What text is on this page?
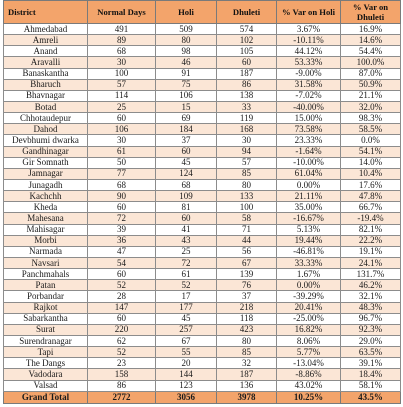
District	Normal Days	Holi	Dhuleti	% Var on Holi	% Var on Dhuleti
Ahmedabad	491	509	574	3.67%	16.9%
Amreli	89	80	102	-10.11%	14.6%
Anand	68	98	105	44.12%	54.4%
Aravalli	30	46	60	53.33%	100.0%
Banaskantha	100	91	187	-9.00%	87.0%
Bharuch	57	75	86	31.58%	50.9%
Bhavnagar	114	106	138	-7.02%	21.1%
Botad	25	15	33	-40.00%	32.0%
Chhotaudepur	60	69	119	15.00%	98.3%
Dahod	106	184	168	73.58%	58.5%
Devbhumi dwarka	30	37	30	23.33%	0.0%
Gandhinagar	61	60	94	-1.64%	54.1%
Gir Somnath	50	45	57	-10.00%	14.0%
Jamnagar	77	124	85	61.04%	10.4%
Junagadh	68	68	80	0.00%	17.6%
Kachchh	90	109	133	21.11%	47.8%
Kheda	60	81	100	35.00%	66.7%
Mahesana	72	60	58	-16.67%	-19.4%
Mahisagar	39	41	71	5.13%	82.1%
Morbi	36	43	44	19.44%	22.2%
Narmada	47	25	56	-46.81%	19.1%
Navsari	54	72	67	33.33%	24.1%
Panchmahals	60	61	139	1.67%	131.7%
Patan	52	52	76	0.00%	46.2%
Porbandar	28	17	37	-39.29%	32.1%
Rajkot	147	177	218	20.41%	48.3%
Sabarkantha	60	45	118	-25.00%	96.7%
Surat	220	257	423	16.82%	92.3%
Surendranagar	62	67	80	8.06%	29.0%
Tapi	52	55	85	5.77%	63.5%
The Dangs	23	20	32	-13.04%	39.1%
Vadodara	158	144	187	-8.86%	18.4%
Valsad	86	123	136	43.02%	58.1%
Grand Total	2772	3056	3978	10.25%	43.5%
